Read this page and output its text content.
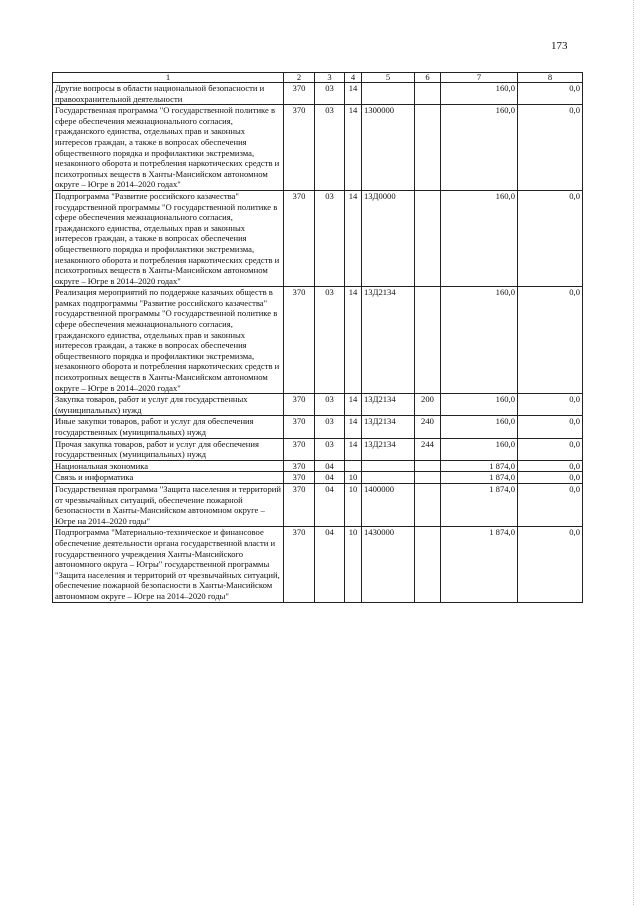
173
1	2	3	4	5	6	7	8
Другие вопросы в области национальной безопасности и правоохранительной деятельности	370	03	14			160,0	0,0
Государственная программа "О государственной политике в сфере обеспечения межнационального согласия, гражданского единства, отдельных прав и законных интересов граждан, а также в вопросах обеспечения общественного порядка и профилактики экстремизма, незаконного оборота и потребления наркотических средств и психотропных веществ в Ханты-Мансийском автономном округе – Югре в 2014–2020 годах"	370	03	14	1300000		160,0	0,0
Подпрограмма "Развитие российского казачества" государственной программы "О государственной политике в сфере обеспечения межнационального согласия, гражданского единства, отдельных прав и законных интересов граждан, а также в вопросах обеспечения общественного порядка и профилактики экстремизма, незаконного оборота и потребления наркотических средств и психотропных веществ в Ханты-Мансийском автономном округе – Югре в 2014–2020 годах"	370	03	14	13Д0000		160,0	0,0
Реализация мероприятий по поддержке казачьих обществ в рамках подпрограммы "Развитие российского казачества" государственной программы "О государственной политике в сфере обеспечения межнационального согласия, гражданского единства, отдельных прав и законных интересов граждан, а также в вопросах обеспечения общественного порядка и профилактики экстремизма, незаконного оборота и потребления наркотических средств и психотропных веществ в Ханты-Мансийском автономном округе – Югре в 2014–2020 годах"	370	03	14	13Д2134		160,0	0,0
Закупка товаров, работ и услуг для государственных (муниципальных) нужд	370	03	14	13Д2134	200	160,0	0,0
Иные закупки товаров, работ и услуг для обеспечения государственных (муниципальных) нужд	370	03	14	13Д2134	240	160,0	0,0
Прочая закупка товаров, работ и услуг для обеспечения государственных (муниципальных) нужд	370	03	14	13Д2134	244	160,0	0,0
Национальная экономика	370	04				1 874,0	0,0
Связь и информатика	370	04	10			1 874,0	0,0
Государственная программа "Защита населения и территорий от чрезвычайных ситуаций, обеспечение пожарной безопасности в Ханты-Мансийском автономном округе – Югре на 2014–2020 годы"	370	04	10	1400000		1 874,0	0,0
Подпрограмма "Материально-техническое и финансовое обеспечение деятельности органа государственной власти и государственного учреждения Ханты-Мансийского автономного округа – Югры" государственной программы "Защита населения и территорий от чрезвычайных ситуаций, обеспечение пожарной безопасности в Ханты-Мансийском автономном округе – Югре на 2014–2020 годы"	370	04	10	1430000		1 874,0	0,0
